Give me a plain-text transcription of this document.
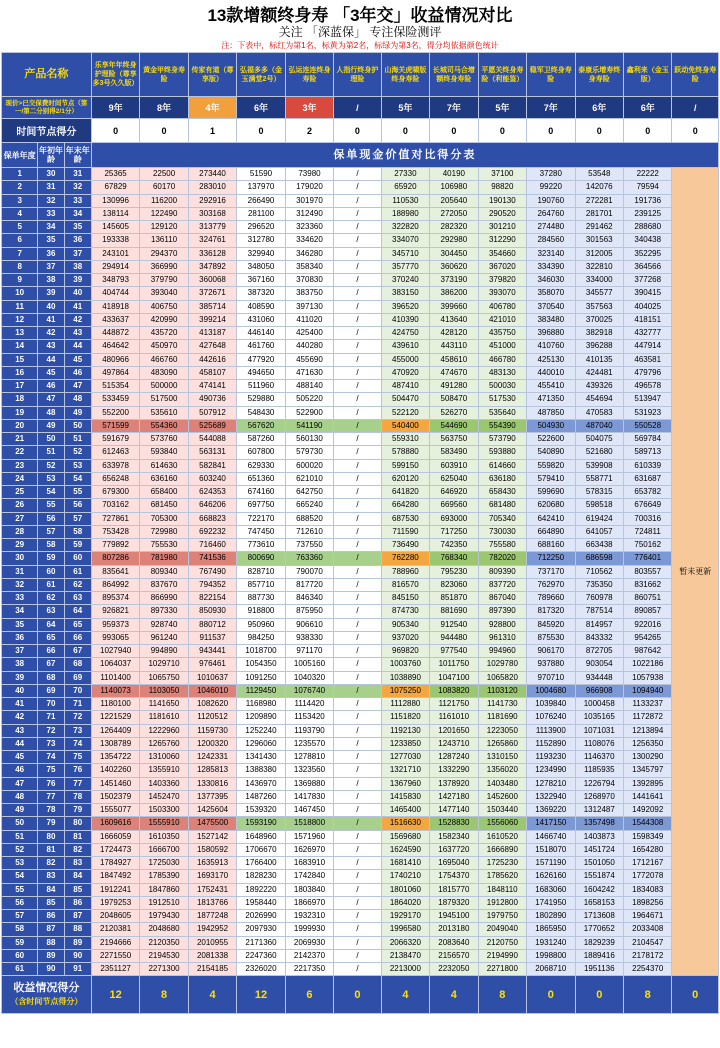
13款增额终身寿 「3年交」收益情况对比
关注 「深蓝保」 专注保险测评
注：下表中，标红为第1名，标黄为第2名，标绿为第3名，得分均依据颜色统计
产品名称			乐享年年终身护理险（尊享多3号久久版）	黄金甲终身寿险	传家有道（尊享版）	弘福多多（金玉满堂2号）	弘运连连终身寿险	人指行终身护理险	山海关虎啸版终身寿险	长城司马合增额终身寿险	平愿关终身寿险（利能鉴）	稳军卫终身寿险	泰康乐增寿终身寿险	鑫利来（金玉版）	跃动免终身寿险
现价>已交保费时间节点（第一/第二分别得2/1分）			9年	8年	4年	6年	3年	/	5年	7年	5年	7年	6年	6年	/
时间节点得分			0	0	1	0	2	0	0	0	0	0	0	0	0
保单年度	年初年龄	年末年龄	保单现金价值对比得分表												
1	30	31	25365	22500	273440	51590	73980	/	27330	40190	37100	37280	53548	22222	暂未更新
2	31	32	67829	60170	283010	137970	179020	/	65920	106980	98820	99220	142076	79594	
3	32	33	130996	116200	292916	266490	301970	/	110530	205640	190130	190760	272281	191736	
4	33	34	138114	122490	303168	281100	312490	/	188980	272050	290520	264760	281701	239125	
5	34	35	145605	129120	313779	296520	323360	/	322820	282320	301210	274480	291462	288680	
6	35	36	193338	136110	324761	312780	334620	/	334070	292980	312290	284560	301563	340438	
7	36	37	243101	294370	336128	329940	346280	/	345710	304450	354660	323140	312005	352295	
8	37	38	294914	366990	347892	348050	358340	/	357770	360620	367020	334390	322810	364566	
9	38	39	348793	379790	360068	367160	370830	/	370240	373190	379820	346030	334000	377268	
10	39	40	404744	393040	372671	387320	383750	/	383150	386200	393070	358070	345577	390415	
11	40	41	418918	406750	385714	408590	397130	/	396520	399660	406780	370540	357563	404025	
12	41	42	433637	420990	399214	431060	411020	/	410390	413640	421010	383480	370025	418151	
13	42	43	448872	435720	413187	446140	425400	/	424750	428120	435750	396880	382918	432777	
14	43	44	464642	450970	427648	461760	440280	/	439610	443110	451000	410760	396288	447914	
15	44	45	480966	466760	442616	477920	455690	/	455000	458610	466780	425130	410135	463581	
16	45	46	497864	483090	458107	494650	471630	/	470920	474670	483130	440010	424481	479796	
17	46	47	515354	500000	474141	511960	488140	/	487410	491280	500030	455410	439326	496578	
18	47	48	533459	517500	490736	529880	505220	/	504470	508470	517530	471350	454694	513947	
19	48	49	552200	535610	507912	548430	522900	/	522120	526270	535640	487850	470583	531923	
20	49	50	571599	554360	525689	567620	541190	/	540400	544690	554390	504930	487040	550528	
21	50	51	591679	573760	544088	587260	560130	/	559310	563750	573790	522600	504075	569784	
22	51	52	612463	593840	563131	607800	579730	/	578880	583490	593880	540890	521680	589713	
23	52	53	633978	614630	582841	629330	600020	/	599150	603910	614660	559820	539908	610339	
24	53	54	656248	636160	603240	651360	621010	/	620120	625040	636180	579410	558771	631687	
25	54	55	679300	658400	624353	674160	642750	/	641820	646920	658430	599690	578315	653782	
26	55	56	703162	681450	646206	697750	665240	/	664280	669560	681480	620680	598518	676649	
27	56	57	727861	705300	668823	722170	688520	/	687530	693000	705340	642410	619424	700316	
28	57	58	753428	729980	692232	747450	712610	/	711590	717250	730030	664890	641057	724811	
29	58	59	779892	755530	716460	773610	737550	/	736490	742350	755580	688160	663438	750162	
30	59	60	807286	781980	741536	800690	763360	/	762280	768340	782020	712250	686598	776401	
31	60	61	835641	809340	767490	828710	790070	/	788960	795230	809390	737170	710562	803557	
32	61	62	864992	837670	794352	857710	817720	/	816570	823060	837720	762970	735350	831662	
33	62	63	895374	866990	822154	887730	846340	/	845150	851870	867040	789660	760978	860751	
34	63	64	926821	897330	850930	918800	875950	/	874730	881690	897390	817320	787514	890857	
35	64	65	959373	928740	880712	950960	906610	/	905340	912540	928800	845920	814957	922016	
36	65	66	993065	961240	911537	984250	938330	/	937020	944480	961310	875530	843332	954265	
37	66	67	1027940	994890	943441	1018700	971170	/	969820	977540	994960	906170	872705	987642	
38	67	68	1064037	1029710	976461	1054350	1005160	/	1003760	1011750	1029780	937880	903054	1022186	
39	68	69	1101400	1065750	1010637	1091250	1040320	/	1038890	1047100	1065820	970710	934448	1057938	
40	69	70	1140073	1103050	1046010	1129450	1076740	/	1075250	1083820	1103120	1004680	966908	1094940	
41	70	71	1180100	1141650	1082620	1168980	1114420	/	1112880	1121750	1141730	1039840	1000458	1133237	
42	71	72	1221529	1181610	1120512	1209890	1153420	/	1151820	1161010	1181690	1076240	1035165	1172872	
43	72	73	1264409	1222960	1159730	1252240	1193790	/	1192130	1201650	1223050	1113900	1071031	1213894	
44	73	74	1308789	1265760	1200320	1296060	1235570	/	1233850	1243710	1265860	1152890	1108076	1256350	
45	74	75	1354722	1310060	1242331	1341430	1278810	/	1277030	1287240	1310150	1193230	1146370	1300290	
46	75	76	1402260	1355910	1285813	1388380	1323560	/	1321710	1332290	1356020	1234990	1185935	1345797	
47	76	77	1451460	1403360	1330816	1436970	1369880	/	1367960	1378920	1403480	1278210	1226794	1392895	
48	77	78	1502379	1452470	1377395	1487260	1417830	/	1415830	1427180	1452600	1322940	1268970	1441641	
49	78	79	1555077	1503300	1425604	1539320	1467450	/	1465400	1477140	1503440	1369220	1312487	1492092	
50	79	80	1609616	1555910	1475500	1593190	1518800	/	1516630	1528830	1556060	1417150	1357498	1544308	
51	80	81	1666059	1610350	1527142	1648960	1571960	/	1569680	1582340	1610520	1466740	1403873	1598349	
52	81	82	1724473	1666700	1580592	1706670	1626970	/	1624590	1637720	1666890	1518070	1451724	1654280	
53	82	83	1784927	1725030	1635913	1766400	1683910	/	1681410	1695040	1725230	1571190	1501050	1712167	
54	83	84	1847492	1785390	1693170	1828230	1742840	/	1740210	1754370	1785620	1626160	1551874	1772078	
55	84	85	1912241	1847860	1752431	1892220	1803840	/	1801060	1815770	1848110	1683060	1604242	1834083	
56	85	86	1979253	1912510	1813766	1958440	1866970	/	1864020	1879320	1912800	1741950	1658153	1898256	
57	86	87	2048605	1979430	1877248	2026990	1932310	/	1929170	1945100	1979750	1802890	1713608	1964671	
58	87	88	2120381	2048680	1942952	2097930	1999930	/	1996580	2013180	2049040	1865950	1770652	2033408	
59	88	89	2194666	2120350	2010955	2171360	2069930	/	2066320	2083640	2120750	1931240	1829239	2104547	
60	89	90	2271550	2194530	2081338	2247360	2142370	/	2138470	2156570	2194990	1998800	1889416	2178172	
61	90	91	2351127	2271300	2154185	2326020	2217350	/	2213000	2232050	2271800	2068710	1951136	2254370	

收益情况得分
（含时间节点得分）			12	8	4	12	6	0	4	4	8	0	0	8	0
